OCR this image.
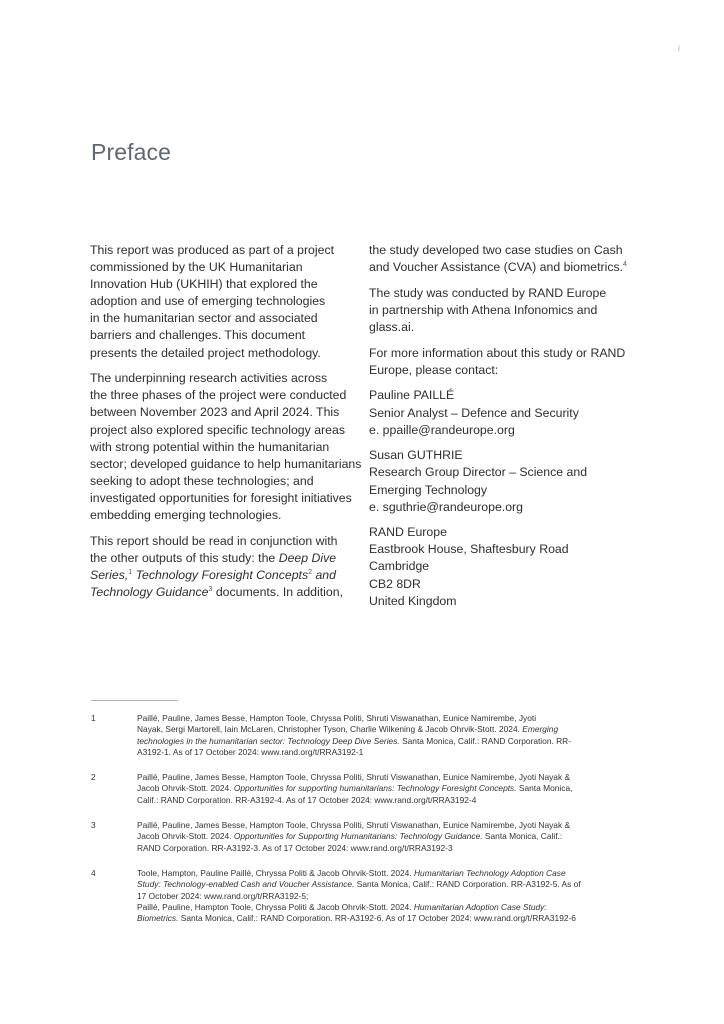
i
Preface

This report was produced as part of a project
commissioned by the UK Humanitarian
Innovation Hub (UKHIH) that explored the
adoption and use of emerging technologies
in the humanitarian sector and associated
barriers and challenges. This document
presents the detailed project methodology.

The underpinning research activities across
the three phases of the project were conducted
between November 2023 and April 2024. This
project also explored specific technology areas
with strong potential within the humanitarian
sector; developed guidance to help humanitarians
seeking to adopt these technologies; and
investigated opportunities for foresight initiatives
embedding emerging technologies.

This report should be read in conjunction with
the other outputs of this study: the Deep Dive
Series,$^1$ Technology Foresight Concepts$^2$ and
Technology Guidance$^3$ documents. In addition,

the study developed two case studies on Cash
and Voucher Assistance (CVA) and biometrics.$^4$

The study was conducted by RAND Europe
in partnership with Athena Infonomics and
glass.ai.

For more information about this study or RAND
Europe, please contact:

Pauline PAILLÉ
Senior Analyst – Defence and Security
e. ppaille@randeurope.org

Susan GUTHRIE
Research Group Director – Science and
Emerging Technology
e. sguthrie@randeurope.org

RAND Europe
Eastbrook House, Shaftesbury Road
Cambridge
CB2 8DR
United Kingdom

1	Paillé, Pauline, James Besse, Hampton Toole, Chryssa Politi, Shruti Viswanathan, Eunice Namirembe, Jyoti
Nayak, Sergi Martorell, Iain McLaren, Christopher Tyson, Charlie Wilkening & Jacob Ohrvik-Stott. 2024. Emerging
technologies in the humanitarian sector: Technology Deep Dive Series. Santa Monica, Calif.: RAND Corporation. RR-
A3192-1. As of 17 October 2024: www.rand.org/t/RRA3192-1
2	Paillé, Pauline, James Besse, Hampton Toole, Chryssa Politi, Shruti Viswanathan, Eunice Namirembe, Jyoti Nayak &
Jacob Ohrvik-Stott. 2024. Opportunities for supporting humanitarians: Technology Foresight Concepts. Santa Monica,
Calif.: RAND Corporation. RR-A3192-4. As of 17 October 2024: www.rand.org/t/RRA3192-4
3	Paillé, Pauline, James Besse, Hampton Toole, Chryssa Politi, Shruti Viswanathan, Eunice Namirembe, Jyoti Nayak &
Jacob Ohrvik-Stott. 2024. Opportunities for Supporting Humanitarians: Technology Guidance. Santa Monica, Calif.:
RAND Corporation. RR-A3192-3. As of 17 October 2024: www.rand.org/t/RRA3192-3
4	Toole, Hampton, Pauline Paillé, Chryssa Politi & Jacob Ohrvik-Stott. 2024. Humanitarian Technology Adoption Case
Study: Technology-enabled Cash and Voucher Assistance. Santa Monica, Calif.: RAND Corporation. RR-A3192-5. As of
17 October 2024: www.rand.org/t/RRA3192-5;
Paillé, Pauline, Hampton Toole, Chryssa Politi & Jacob Ohrvik-Stott. 2024. Humanitarian Adoption Case Study:
Biometrics. Santa Monica, Calif.: RAND Corporation. RR-A3192-6. As of 17 October 2024: www.rand.org/t/RRA3192-6
